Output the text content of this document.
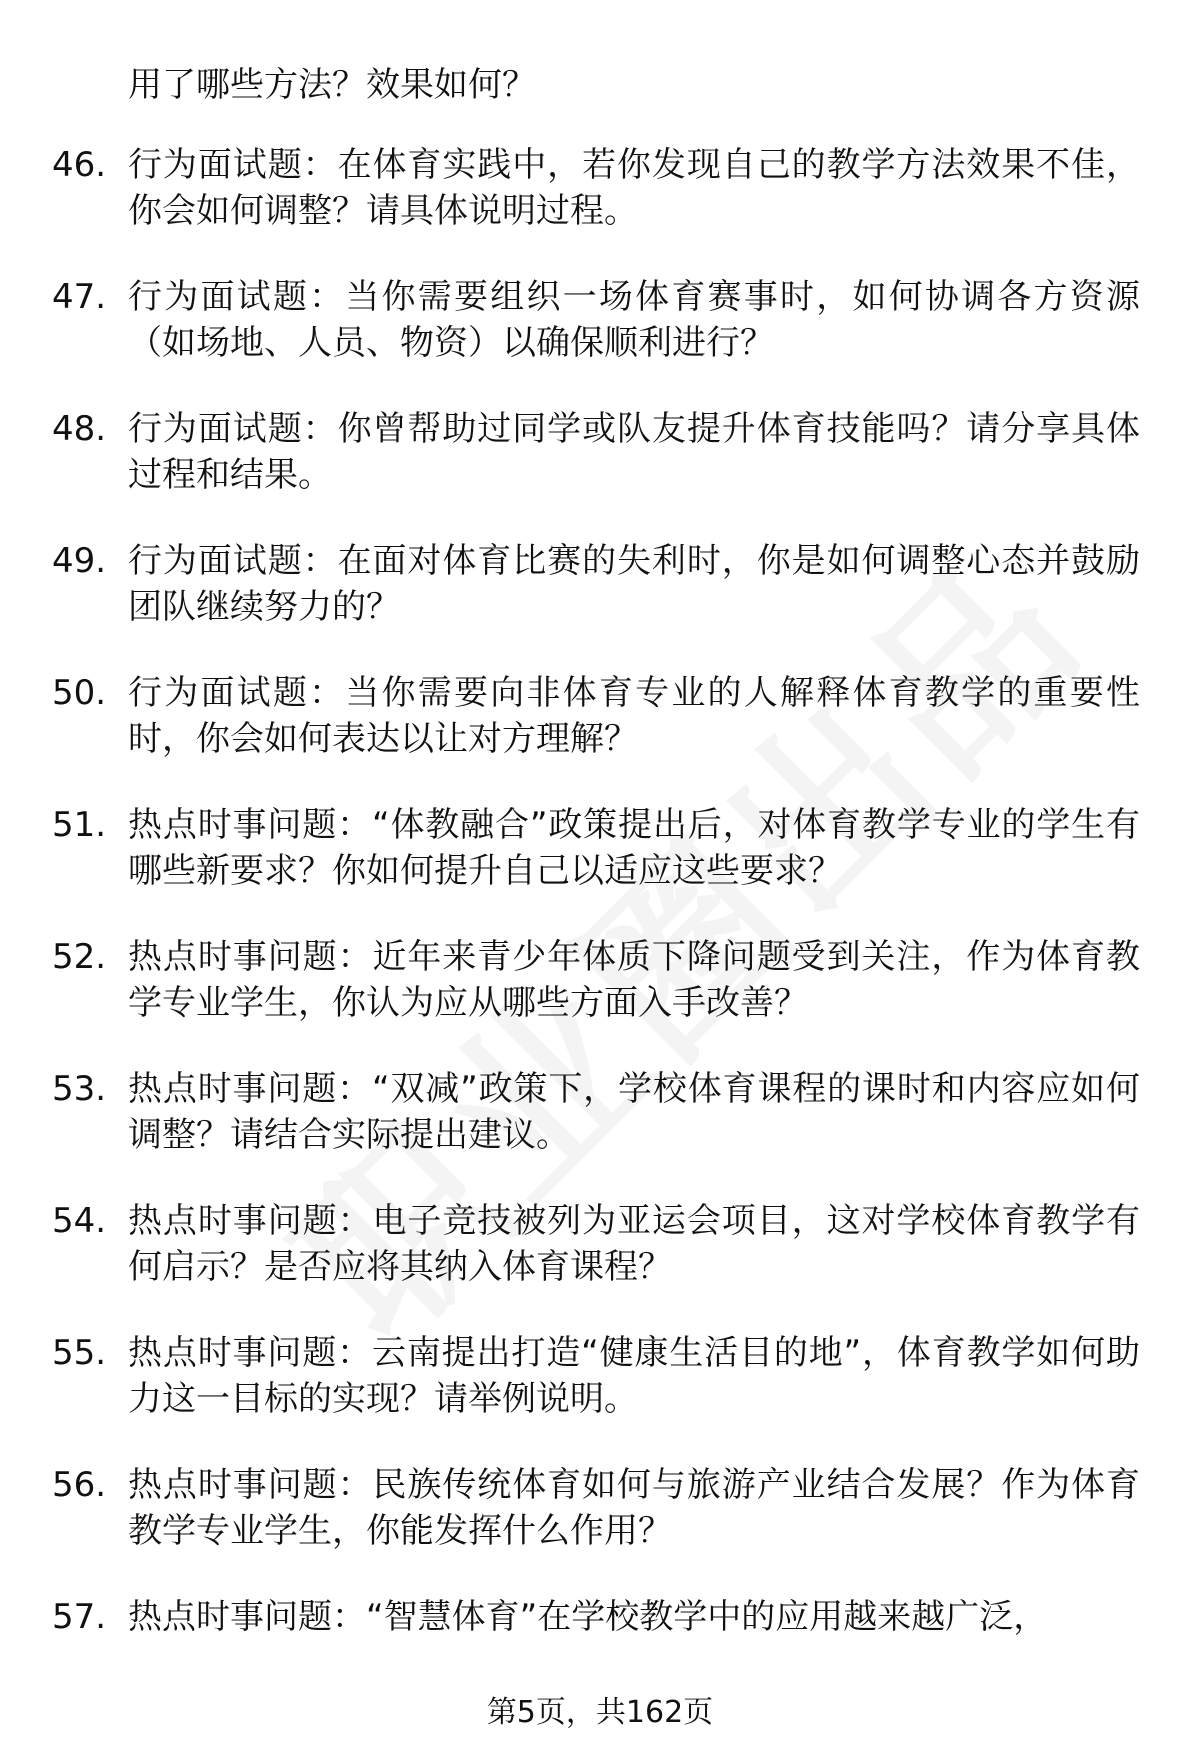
用了哪些方法？效果如何？
46. 行为面试题：在体育实践中，若你发现自己的教学方法效果不佳，你会如何调整？请具体说明过程。
47. 行为面试题：当你需要组织一场体育赛事时，如何协调各方资源（如场地、人员、物资）以确保顺利进行？
48. 行为面试题：你曾帮助过同学或队友提升体育技能吗？请分享具体过程和结果。
49. 行为面试题：在面对体育比赛的失利时，你是如何调整心态并鼓励团队继续努力的？
50. 行为面试题：当你需要向非体育专业的人解释体育教学的重要性时，你会如何表达以让对方理解？
51. 热点时事问题：“体教融合”政策提出后，对体育教学专业的学生有哪些新要求？你如何提升自己以适应这些要求？
52. 热点时事问题：近年来青少年体质下降问题受到关注，作为体育教学专业学生，你认为应从哪些方面入手改善？
53. 热点时事问题：“双减”政策下，学校体育课程的课时和内容应如何调整？请结合实际提出建议。
54. 热点时事问题：电子竞技被列为亚运会项目，这对学校体育教学有何启示？是否应将其纳入体育课程？
55. 热点时事问题：云南提出打造“健康生活目的地”，体育教学如何助力这一目标的实现？请举例说明。
56. 热点时事问题：民族传统体育如何与旅游产业结合发展？作为体育教学专业学生，你能发挥什么作用？
57. 热点时事问题：“智慧体育”在学校教学中的应用越来越广泛，
第5页，共162页
